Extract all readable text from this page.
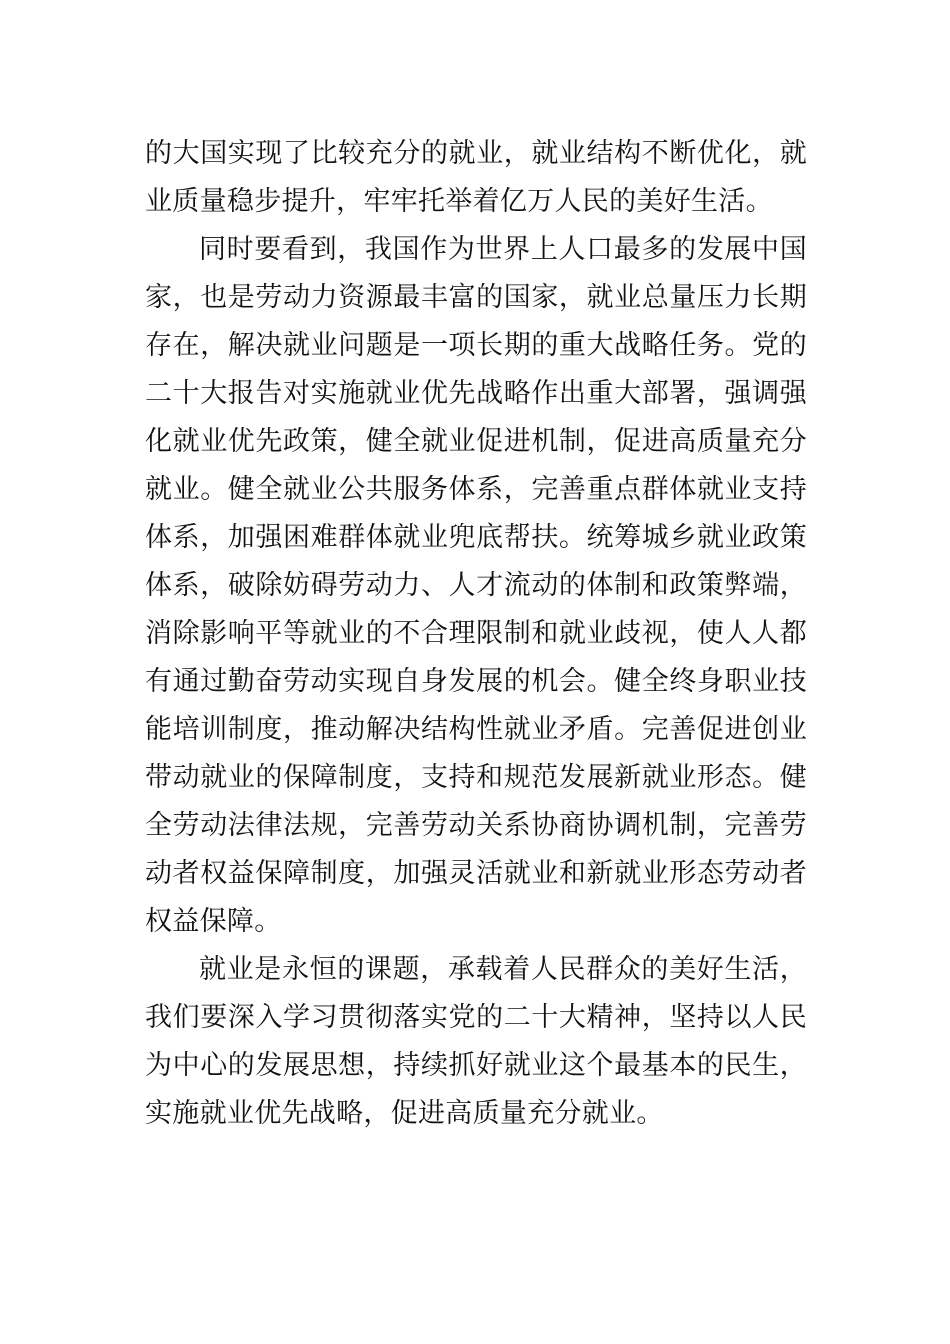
的大国实现了比较充分的就业，就业结构不断优化，就业质量稳步提升，牢牢托举着亿万人民的美好生活。

同时要看到，我国作为世界上人口最多的发展中国家，也是劳动力资源最丰富的国家，就业总量压力长期存在，解决就业问题是一项长期的重大战略任务。党的二十大报告对实施就业优先战略作出重大部署，强调强化就业优先政策，健全就业促进机制，促进高质量充分就业。健全就业公共服务体系，完善重点群体就业支持体系，加强困难群体就业兜底帮扶。统筹城乡就业政策体系，破除妨碍劳动力、人才流动的体制和政策弊端，消除影响平等就业的不合理限制和就业歧视，使人人都有通过勤奋劳动实现自身发展的机会。健全终身职业技能培训制度，推动解决结构性就业矛盾。完善促进创业带动就业的保障制度，支持和规范发展新就业形态。健全劳动法律法规，完善劳动关系协商协调机制，完善劳动者权益保障制度，加强灵活就业和新就业形态劳动者权益保障。

就业是永恒的课题，承载着人民群众的美好生活，我们要深入学习贯彻落实党的二十大精神，坚持以人民为中心的发展思想，持续抓好就业这个最基本的民生，实施就业优先战略，促进高质量充分就业。
